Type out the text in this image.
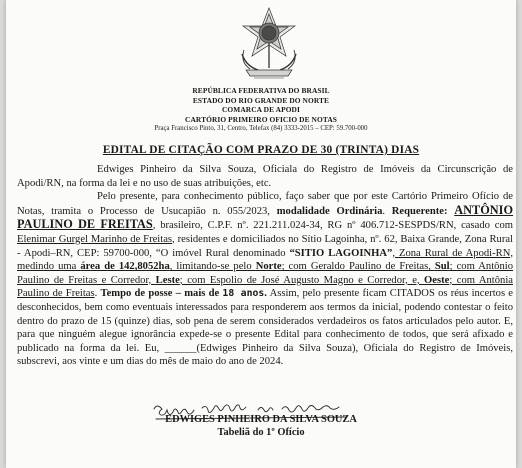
REPÚBLICA FEDERATIVA DO BRASIL
ESTADO DO RIO GRANDE DO NORTE
COMARCA DE APODI
CARTÓRIO PRIMEIRO OFICIO DE NOTAS
Praça Francisco Pinto, 31, Centro, Telefax (84) 3333-2015 – CEP: 59.700-000
EDITAL DE CITAÇÃO COM PRAZO DE 30 (TRINTA) DIAS

Edwiges Pinheiro da Silva Souza, Oficiala do Registro de Imóveis da Circunscrição de Apodi/RN, na forma da lei e no uso de suas atribuições, etc.

Pelo presente, para conhecimento público, faço saber que por este Cartório Primeiro Ofício de Notas, tramita o Processo de Usucapião n. 055/2023, modalidade Ordinária. Requerente: ANTÔNIO PAULINO DE FREITAS, brasileiro, C.P.F. nº. 221.211.024-34, RG nº 406.712-SESPDS/RN, casado com Elenimar Gurgel Marinho de Freitas, residentes e domiciliados no Sítio Lagoinha, nº. 62, Baixa Grande, Zona Rural - Apodi–RN, CEP: 59700-000, “O imóvel Rural denominado “SITIO LAGOINHA”, Zona Rural de Apodi-RN, medindo uma área de 142,8052ha, limitando-se pelo Norte; com Geraldo Paulino de Freitas, Sul; com Antônio Paulino de Freitas e Corredor, Leste; com Espolio de José Augusto Magno e Corredor, e, Oeste; com Antônia Paulino de Freitas. Tempo de posse – mais de 18 anos. Assim, pelo presente ficam CITADOS os réus incertos e desconhecidos, bem como eventuais interessados para responderem aos termos da inicial, podendo contestar o feito dentro do prazo de 15 (quinze) dias, sob pena de serem considerados verdadeiros os fatos articulados pelo autor. E, para que ninguém alegue ignorância expede-se o presente Edital para conhecimento de todos, que será afixado e publicado na forma da lei. Eu, ______(Edwiges Pinheiro da Silva Souza), Oficiala do Registro de Imóveis, subscrevi, aos vinte e um dias do mês de maio do ano de 2024.

EDWIGES PINHEIRO DA SILVA SOUZA
Tabeliã do 1º Ofício
